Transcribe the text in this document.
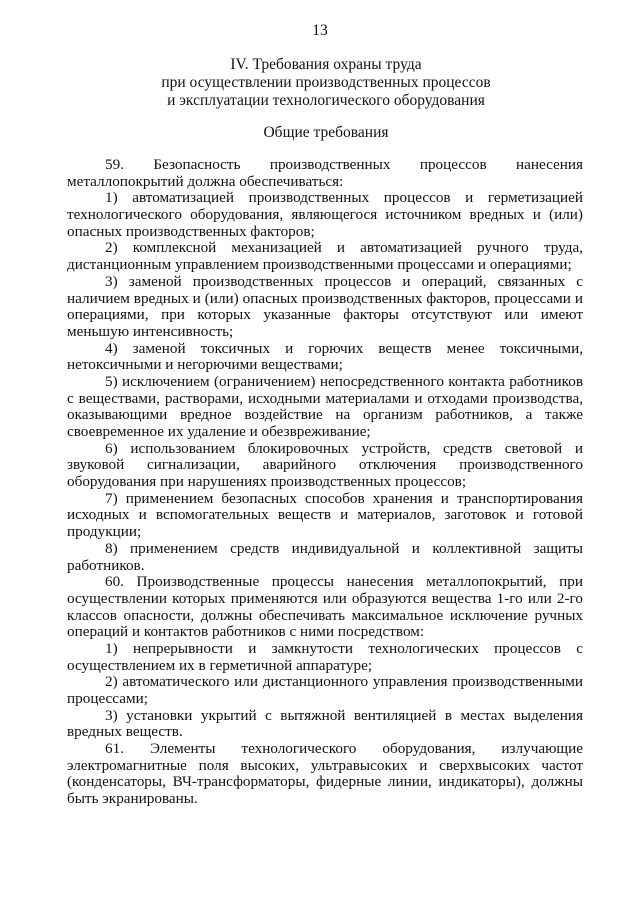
13
IV. Требования охраны труда
при осуществлении производственных процессов
и эксплуатации технологического оборудования
Общие требования
59. Безопасность производственных процессов нанесения
металлопокрытий должна обеспечиваться:
1) автоматизацией производственных процессов и герметизацией
технологического оборудования, являющегося источником вредных и (или)
опасных производственных факторов;
2) комплексной механизацией и автоматизацией ручного труда,
дистанционным управлением производственными процессами и операциями;
3) заменой производственных процессов и операций, связанных с
наличием вредных и (или) опасных производственных факторов, процессами и
операциями, при которых указанные факторы отсутствуют или имеют
меньшую интенсивность;
4) заменой токсичных и горючих веществ менее токсичными,
нетоксичными и негорючими веществами;
5) исключением (ограничением) непосредственного контакта работников
с веществами, растворами, исходными материалами и отходами производства,
оказывающими вредное воздействие на организм работников, а также
своевременное их удаление и обезвреживание;
6) использованием блокировочных устройств, средств световой и
звуковой сигнализации, аварийного отключения производственного
оборудования при нарушениях производственных процессов;
7) применением безопасных способов хранения и транспортирования
исходных и вспомогательных веществ и материалов, заготовок и готовой
продукции;
8) применением средств индивидуальной и коллективной защиты
работников.
60. Производственные процессы нанесения металлопокрытий, при
осуществлении которых применяются или образуются вещества 1-го или 2-го
классов опасности, должны обеспечивать максимальное исключение ручных
операций и контактов работников с ними посредством:
1) непрерывности и замкнутости технологических процессов с
осуществлением их в герметичной аппаратуре;
2) автоматического или дистанционного управления производственными
процессами;
3) установки укрытий с вытяжной вентиляцией в местах выделения
вредных веществ.
61. Элементы технологического оборудования, излучающие
электромагнитные поля высоких, ультравысоких и сверхвысоких частот
(конденсаторы, ВЧ-трансформаторы, фидерные линии, индикаторы), должны
быть экранированы.
